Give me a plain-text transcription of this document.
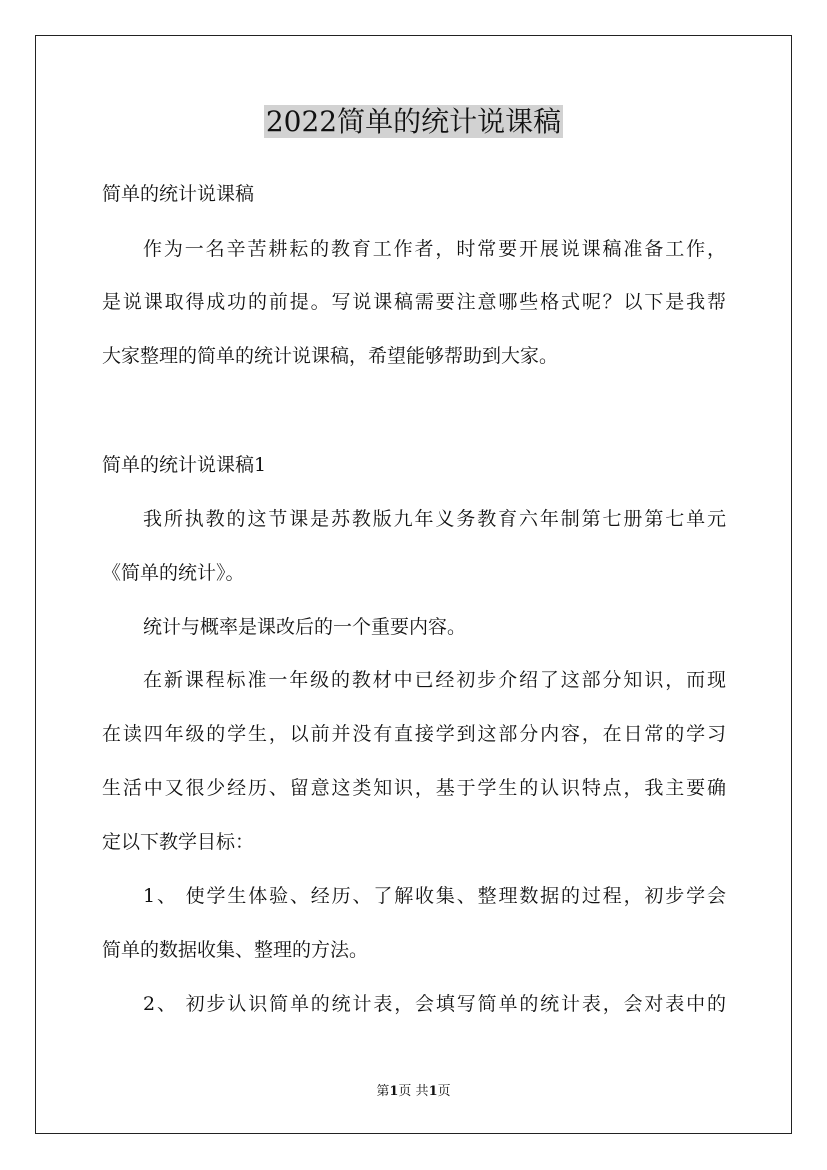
2022简单的统计说课稿
简单的统计说课稿
作为一名辛苦耕耘的教育工作者，时常要开展说课稿准备工作，
是说课取得成功的前提。写说课稿需要注意哪些格式呢？以下是我帮
大家整理的简单的统计说课稿，希望能够帮助到大家。
简单的统计说课稿1
我所执教的这节课是苏教版九年义务教育六年制第七册第七单元
《简单的统计》。
统计与概率是课改后的一个重要内容。
在新课程标准一年级的教材中已经初步介绍了这部分知识，而现
在读四年级的学生，以前并没有直接学到这部分内容，在日常的学习
生活中又很少经历、留意这类知识，基于学生的认识特点，我主要确
定以下教学目标：
1、 使学生体验、经历、了解收集、整理数据的过程，初步学会
简单的数据收集、整理的方法。
2、 初步认识简单的统计表，会填写简单的统计表，会对表中的
第1页 共1页
